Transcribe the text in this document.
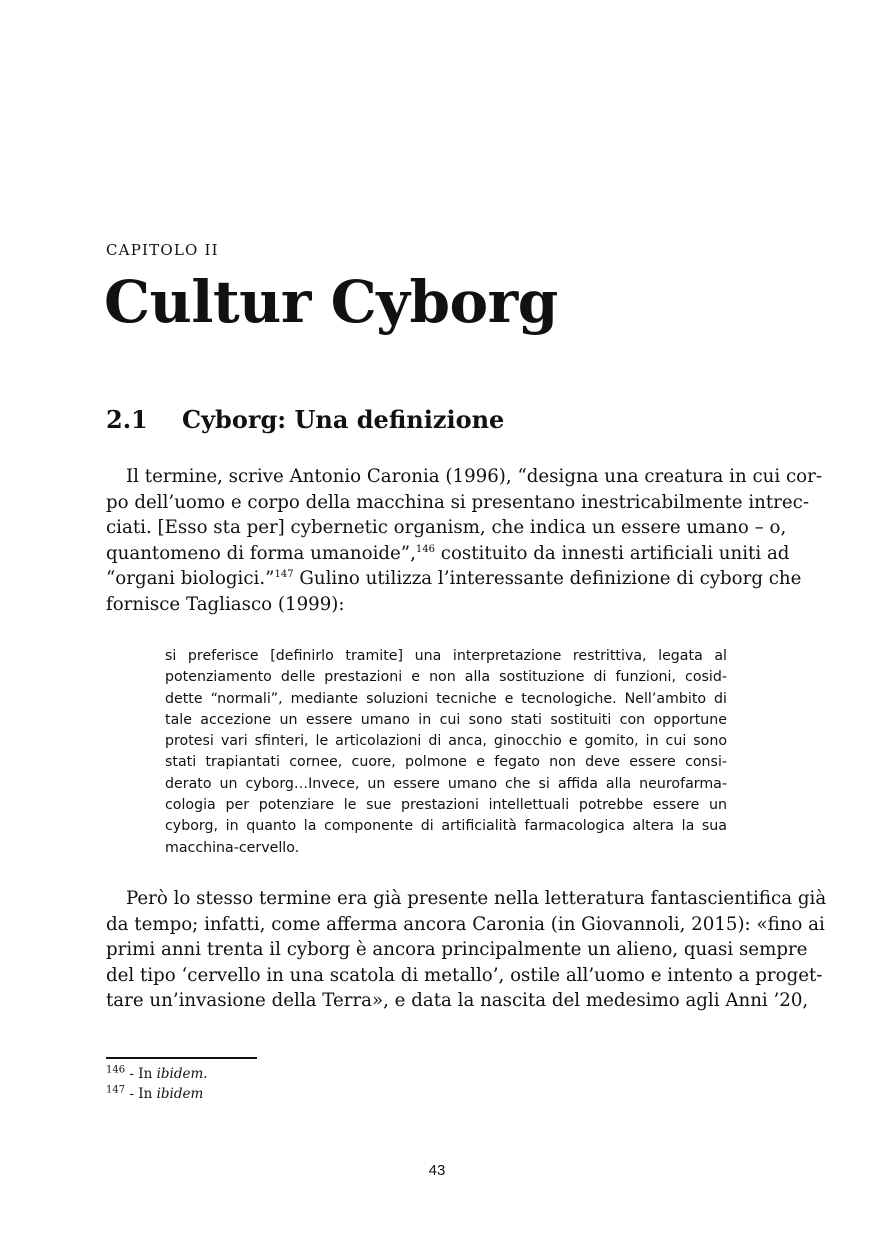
CAPITOLO II
Cultur Cyborg
2.1 Cyborg: Una definizione
Il termine, scrive Antonio Caronia (1996), “designa una creatura in cui cor-
po dell’uomo e corpo della macchina si presentano inestricabilmente intrec-
ciati. [Esso sta per] cybernetic organism, che indica un essere umano – o,
quantomeno di forma umanoide”,$^{146}$ costituito da innesti artificiali uniti ad
“organi biologici.”$^{147}$ Gulino utilizza l’interessante definizione di cyborg che
fornisce Tagliasco (1999):
si preferisce [definirlo tramite] una interpretazione restrittiva, legata al
potenziamento delle prestazioni e non alla sostituzione di funzioni, cosid-
dette “normali”, mediante soluzioni tecniche e tecnologiche. Nell’ambito di
tale accezione un essere umano in cui sono stati sostituiti con opportune
protesi vari sfinteri, le articolazioni di anca, ginocchio e gomito, in cui sono
stati trapiantati cornee, cuore, polmone e fegato non deve essere consi-
derato un cyborg…Invece, un essere umano che si affida alla neurofarma-
cologia per potenziare le sue prestazioni intellettuali potrebbe essere un
cyborg, in quanto la componente di artificialità farmacologica altera la sua
macchina-cervello.
Però lo stesso termine era già presente nella letteratura fantascientifica già
da tempo; infatti, come afferma ancora Caronia (in Giovannoli, 2015): «fino ai
primi anni trenta il cyborg è ancora principalmente un alieno, quasi sempre
del tipo ‘cervello in una scatola di metallo’, ostile all’uomo e intento a proget-
tare un’invasione della Terra», e data la nascita del medesimo agli Anni ’20,
$^{146}$ - In ibidem.
$^{147}$ - In ibidem
43
